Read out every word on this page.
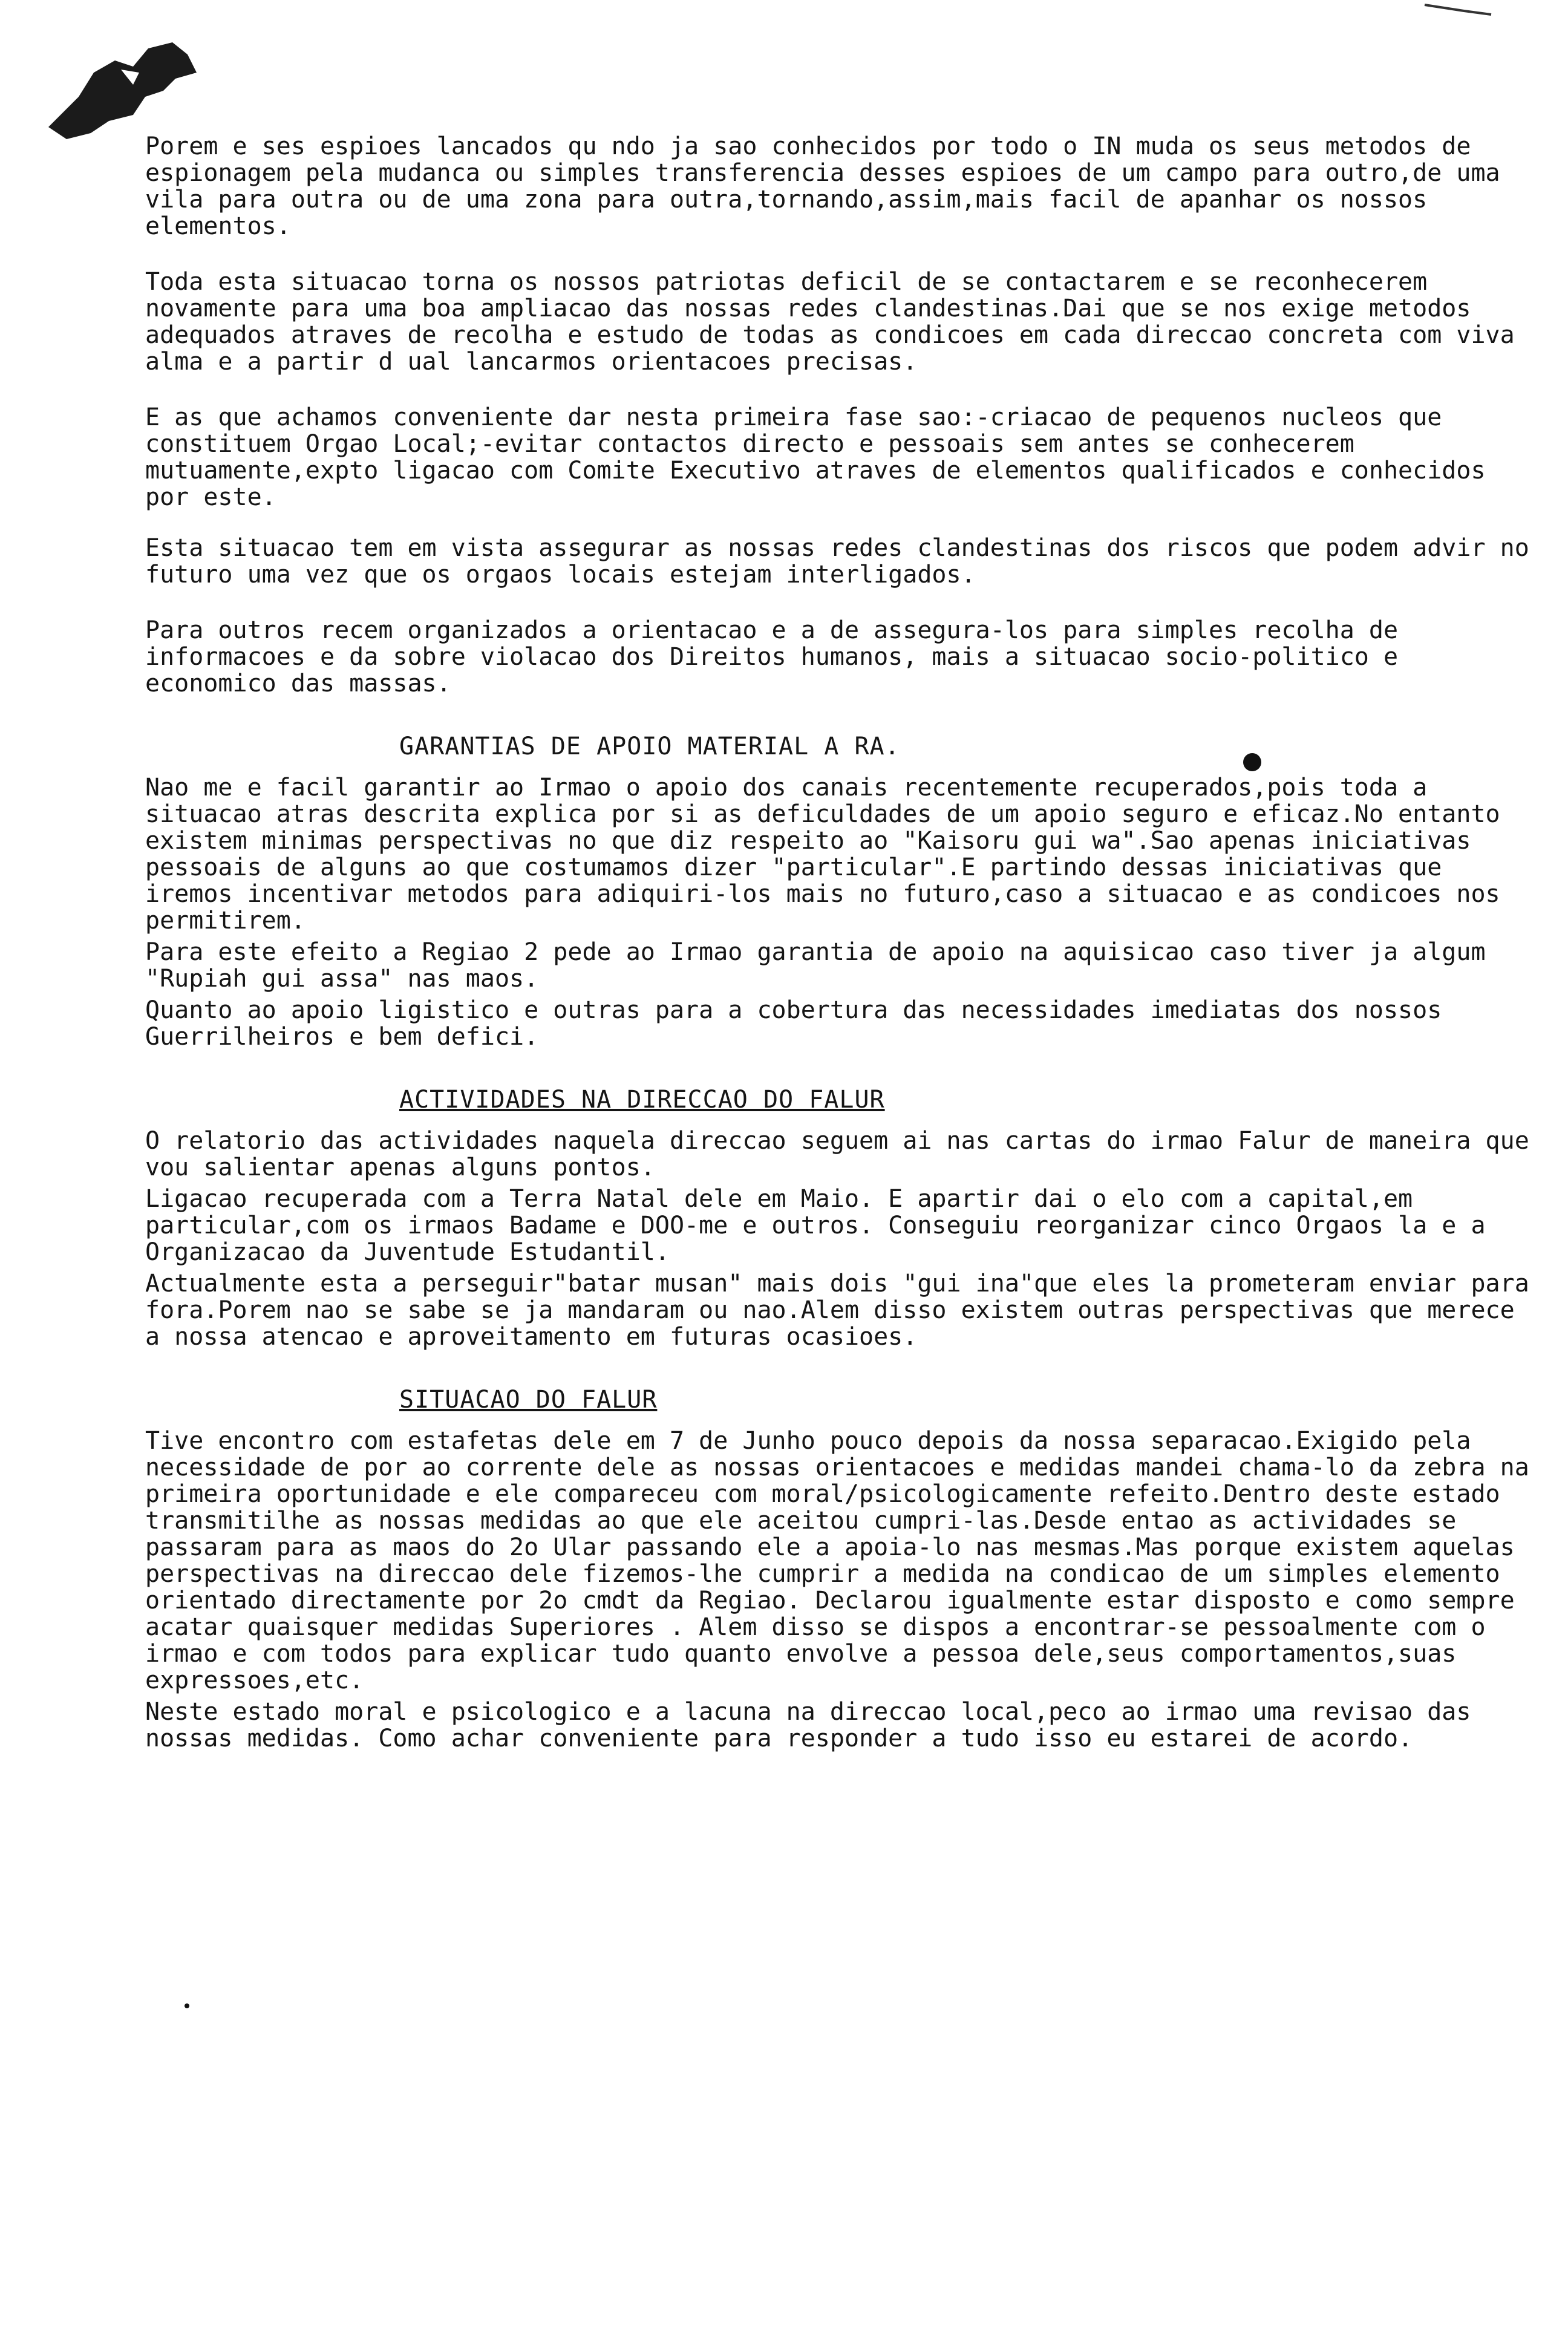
Porem e ses espioes lancados qu ndo ja sao conhecidos por todo o IN muda os seus metodos de espionagem pela mudanca ou simples transferencia desses espioes de um campo para outro,de uma vila para outra ou de uma zona para outra,tornando,assim,mais facil de apanhar os nossos elementos.

Toda esta situacao torna os nossos patriotas deficil de se contactarem e se reconhecerem novamente para uma boa ampliacao das nossas redes clandestinas.Dai que se nos exige metodos adequados atraves de recolha e estudo de todas as condicoes em cada direccao concreta com viva alma e a partir d ual lancarmos orientacoes precisas.

E as que achamos conveniente dar nesta primeira fase sao:-criacao de pequenos nucleos que constituem Orgao Local;-evitar contactos directo e pessoais sem antes se conhecerem mutuamente,expto ligacao com Comite Executivo atraves de elementos qualificados e conhecidos por este.

Esta situacao tem em vista assegurar as nossas redes clandestinas dos riscos que podem advir no futuro uma vez que os orgaos locais estejam interligados.

Para outros recem organizados a orientacao e a de assegura-los para simples recolha de informacoes e da sobre violacao dos Direitos humanos, mais a situacao socio-politico e economico das massas.

GARANTIAS DE APOIO MATERIAL A RA.

Nao me e facil garantir ao Irmao o apoio dos canais recentemente recuperados,pois toda a situacao atras descrita explica por si as deficuldades de um apoio seguro e eficaz.No entanto existem minimas perspectivas no que diz respeito ao "Kaisoru gui wa".Sao apenas iniciativas pessoais de alguns ao que costumamos dizer "particular".E partindo dessas iniciativas que iremos incentivar metodos para adiquiri-los mais no futuro,caso a situacao e as condicoes nos permitirem.

Para este efeito a Regiao 2 pede ao Irmao garantia de apoio na aquisicao caso tiver ja algum "Rupiah gui assa" nas maos.

Quanto ao apoio ligistico e outras para a cobertura das necessidades imediatas dos nossos Guerrilheiros e bem defici.

ACTIVIDADES NA DIRECCAO DO FALUR

O relatorio das actividades naquela direccao seguem ai nas cartas do irmao Falur de maneira que vou salientar apenas alguns pontos.

Ligacao recuperada com a Terra Natal dele em Maio. E apartir dai o elo com a capital,em particular,com os irmaos Badame e DOO-me e outros. Conseguiu reorganizar cinco Orgaos la e a Organizacao da Juventude Estudantil.

Actualmente esta a perseguir"batar musan" mais dois "gui ina"que eles la prometeram enviar para fora.Porem nao se sabe se ja mandaram ou nao.Alem disso existem outras perspectivas que merece a nossa atencao e aproveitamento em futuras ocasioes.

SITUACAO DO FALUR

Tive encontro com estafetas dele em 7 de Junho pouco depois da nossa separacao.Exigido pela necessidade de por ao corrente dele as nossas orientacoes e medidas mandei chama-lo da zebra na primeira oportunidade e ele compareceu com moral/psicologicamente refeito.Dentro deste estado transmitilhe as nossas medidas ao que ele aceitou cumpri-las.Desde entao as actividades se passaram para as maos do 2o Ular passando ele a apoia-lo nas mesmas.Mas porque existem aquelas perspectivas na direccao dele fizemos-lhe cumprir a medida na condicao de um simples elemento orientado directamente por 2o cmdt da Regiao. Declarou igualmente estar disposto e como sempre acatar quaisquer medidas Superiores . Alem disso se dispos a encontrar-se pessoalmente com o irmao e com todos para explicar tudo quanto envolve a pessoa dele,seus comportamentos,suas expressoes,etc.

Neste estado moral e psicologico e a lacuna na direccao local,peco ao irmao uma revisao das nossas medidas. Como achar conveniente para responder a tudo isso eu estarei de acordo.
